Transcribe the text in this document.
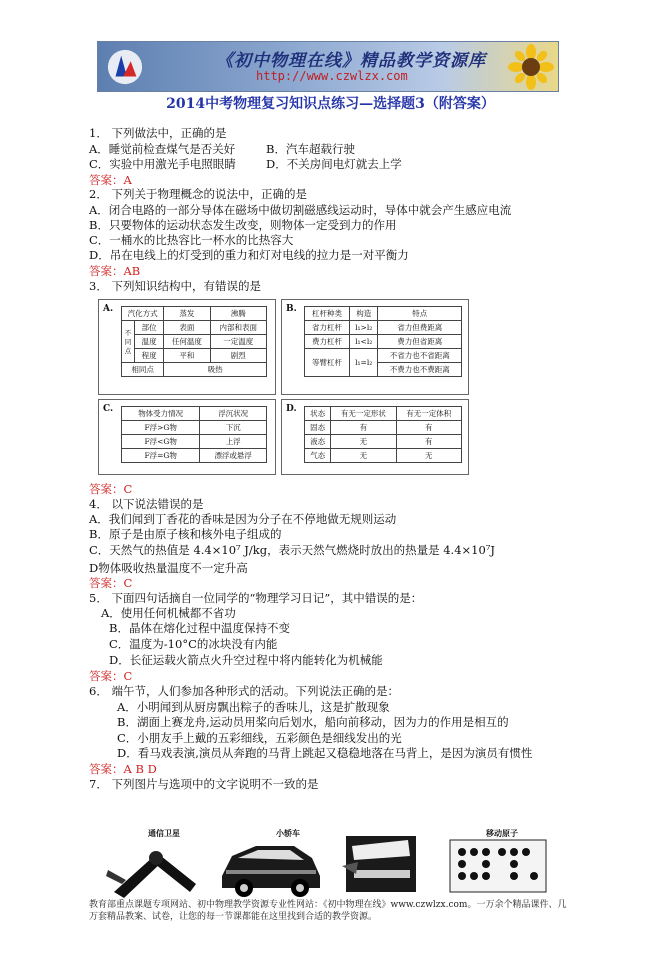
《初中物理在线》精品教学资源库
http://www.czwlzx.com
2014中考物理复习知识点练习—选择题3（附答案）
1． 下列做法中，正确的是
A．睡觉前检查煤气是否关好	B．汽车超载行驶
C．实验中用激光手电照眼睛	D．不关房间电灯就去上学
答案：A
2． 下列关于物理概念的说法中，正确的是
A．闭合电路的一部分导体在磁场中做切割磁感线运动时，导体中就会产生感应电流
B．只要物体的运动状态发生改变，则物体一定受到力的作用
C．一桶水的比热容比一杯水的比热容大
D．吊在电线上的灯受到的重力和灯对电线的拉力是一对平衡力
答案：AB
3． 下列知识结构中，有错误的是
A. 汽化方式		蒸发	沸腾
不同点	部位	表面	内部和表面
	温度	任何温度	一定温度
	程度	平和	剧烈
相同点		吸热	
B. 杠杆种类	构造	特点
省力杠杆	l₁>l₂	省力但费距离
费力杠杆	l₁<l₂	费力但省距离
等臂杠杆	l₁=l₂	不省力也不省距离
		不费力也不费距离
C.	物体受力情况	浮沉状况
F浮>G物	下沉
F浮<G物	上浮
F浮=G物	漂浮或悬浮
D. 状态	有无一定形状	有无一定体积
固态	有	有
液态	无	有
气态	无	无
答案：C
4． 以下说法错误的是
A．我们闻到丁香花的香味是因为分子在不停地做无规则运动
B．原子是由原子核和核外电子组成的
C．天然气的热值是 4.4×10⁷ J/kg，表示天然气燃烧时放出的热量是 4.4×10⁷J
D物体吸收热量温度不一定升高
答案：C
5． 下面四句话摘自一位同学的“物理学习日记”，其中错误的是：
A．使用任何机械都不省功
B．晶体在熔化过程中温度保持不变
C．温度为-10°C的冰块没有内能
D．长征运载火箭点火升空过程中将内能转化为机械能
答案：C
6． 端午节，人们参加各种形式的活动。下列说法正确的是：
A．小明闻到从厨房飘出粽子的香味儿，这是扩散现象
B．湖面上赛龙舟,运动员用桨向后划水，船向前移动，因为力的作用是相互的
C．小朋友手上戴的五彩细线，五彩颜色是细线发出的光
D．看马戏表演,演员从奔跑的马背上跳起又稳稳地落在马背上，是因为演员有惯性
答案：A B D
7． 下列图片与选项中的文字说明不一致的是
通信卫星	小轿车	移动原子
教育部重点课题专项网站、初中物理教学资源专业性网站：《初中物理在线》www.czwlzx.com。一万余个精品课件、几万套精品教案、试卷，让您的每一节课都能在这里找到合适的教学资源。
